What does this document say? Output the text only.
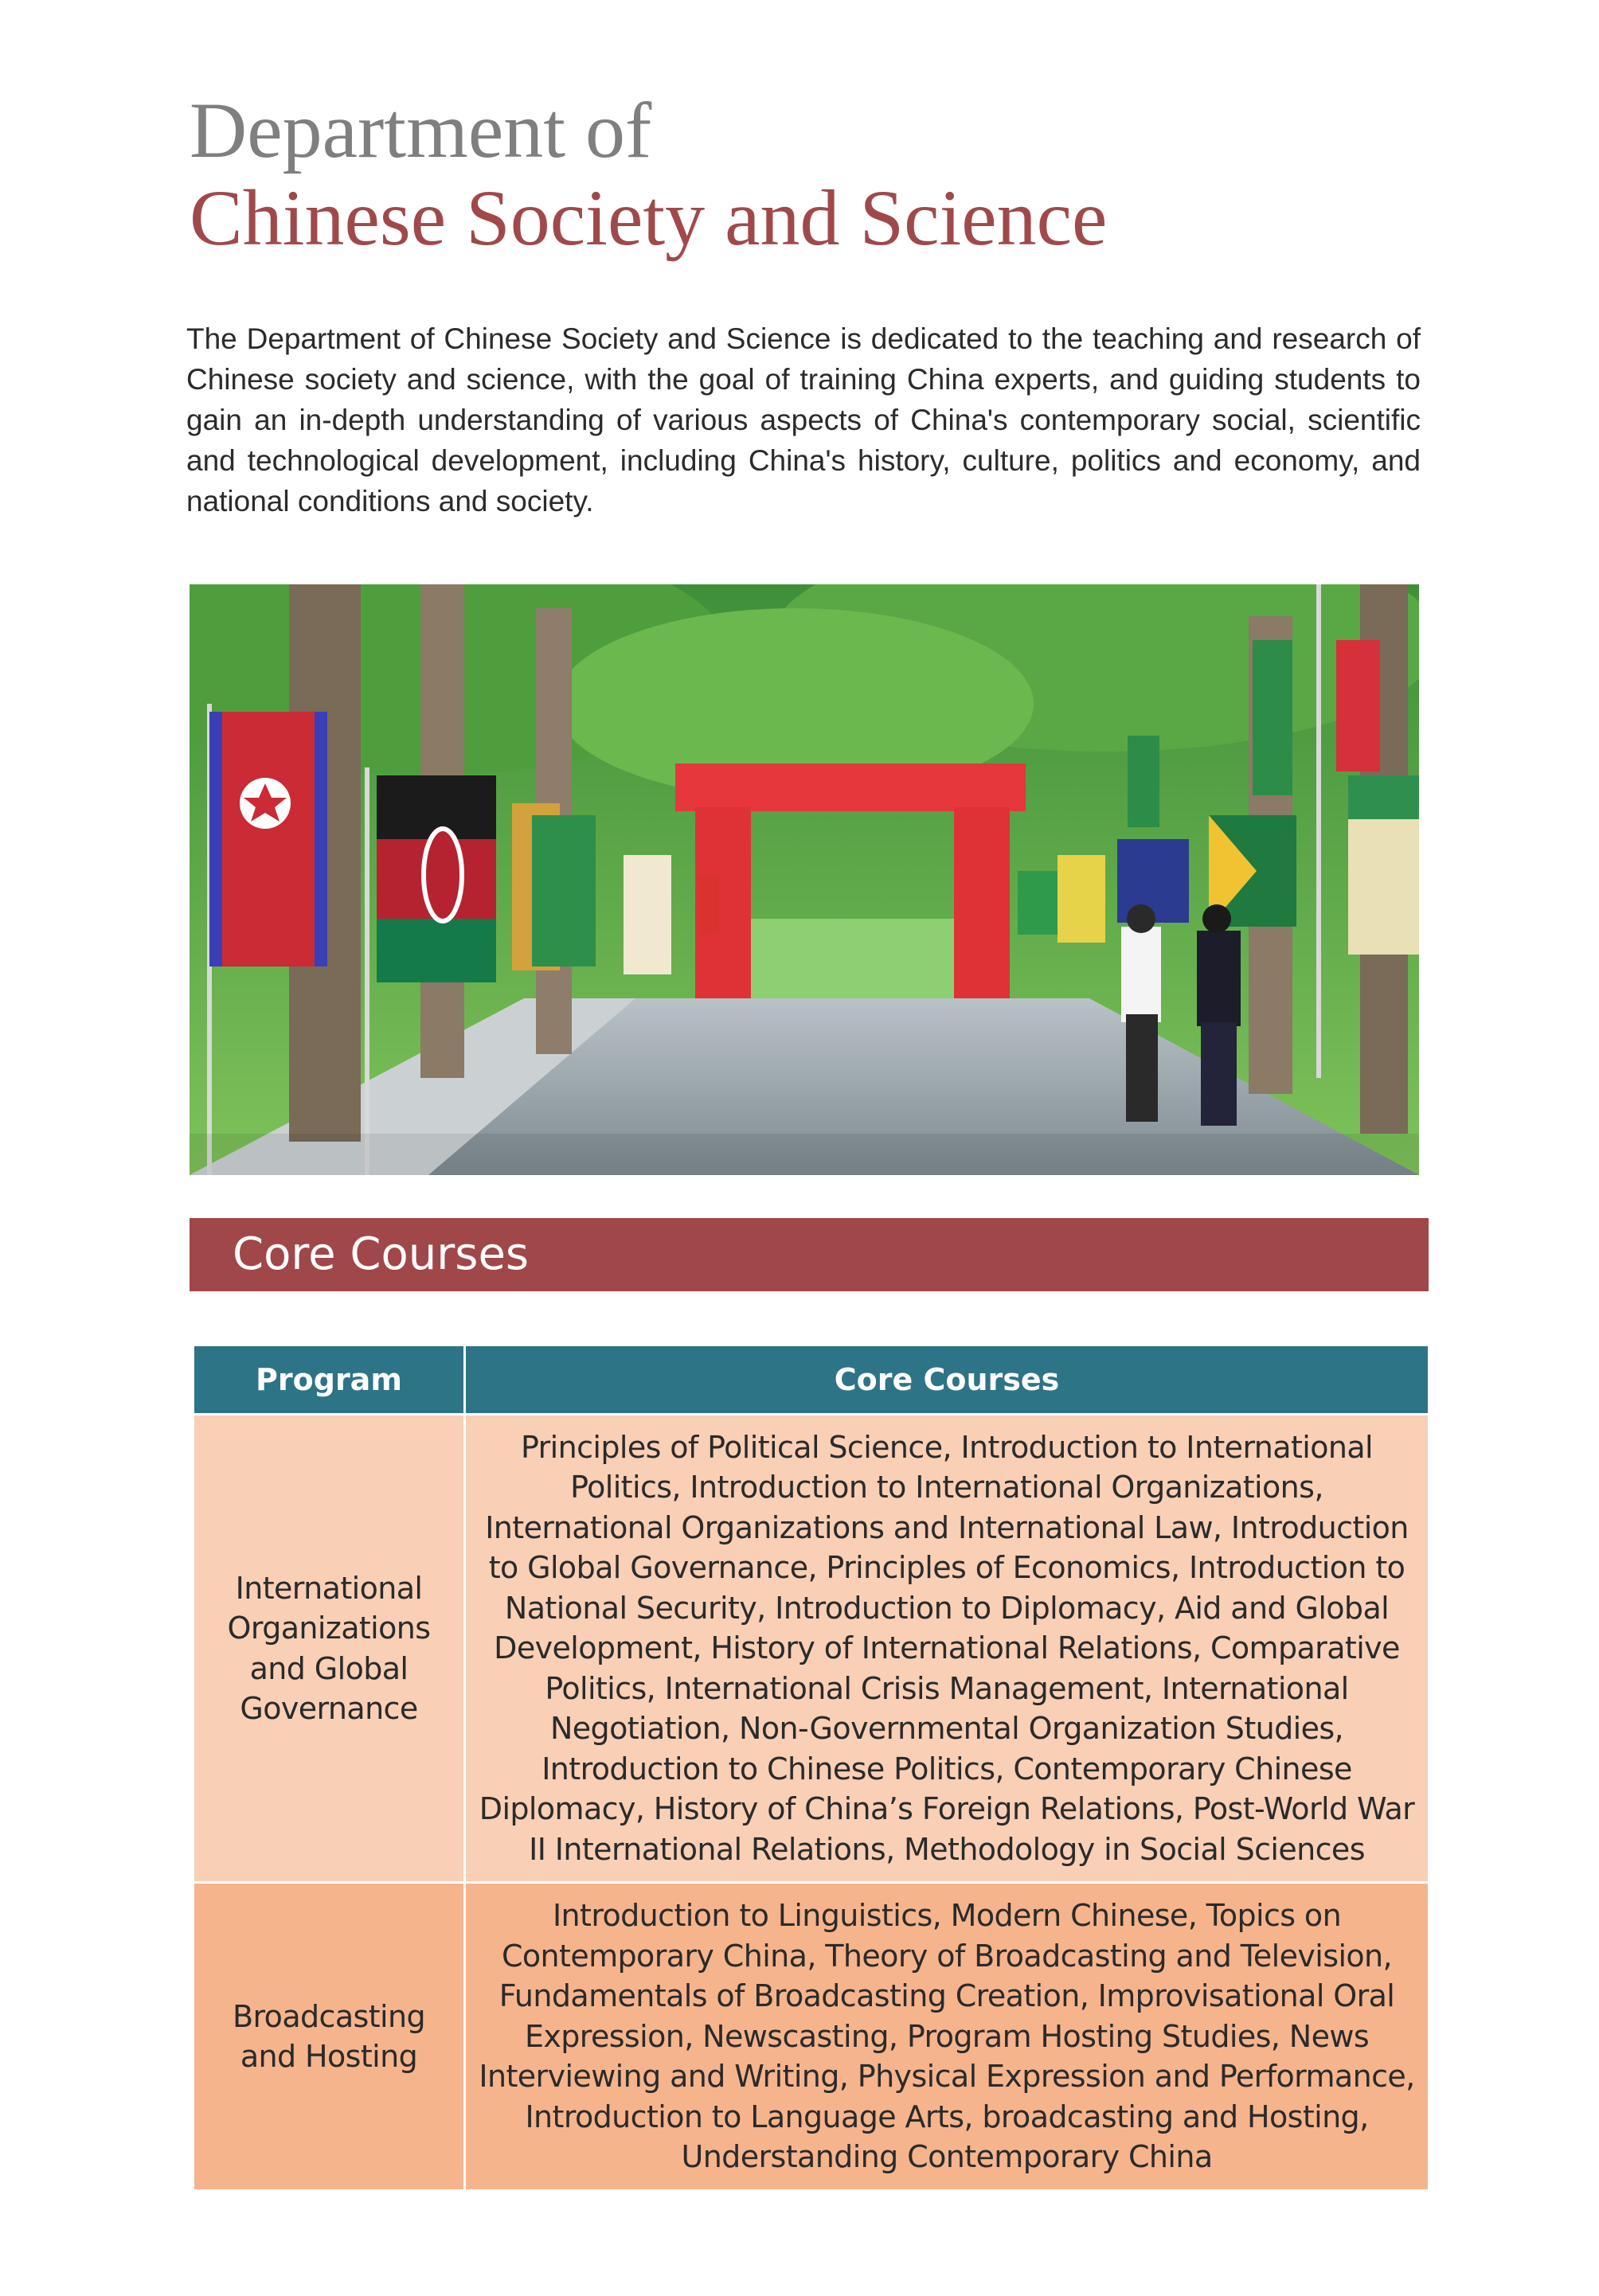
Department of
Chinese Society and Science

The Department of Chinese Society and Science is dedicated to the teaching and research of Chinese society and science, with the goal of training China experts, and guiding students to gain an in-depth understanding of various aspects of China's contemporary social, scientific and technological development, including China's history, culture, politics and economy, and national conditions and society.

Core Courses
Program	Core Courses
International Organizations and Global Governance	Principles of Political Science, Introduction to International Politics, Introduction to International Organizations, International Organizations and International Law, Introduction to Global Governance, Principles of Economics, Introduction to National Security, Introduction to Diplomacy, Aid and Global Development, History of International Relations, Comparative Politics, International Crisis Management, International Negotiation, Non-Governmental Organization Studies, Introduction to Chinese Politics, Contemporary Chinese Diplomacy, History of China’s Foreign Relations, Post-World War II International Relations, Methodology in Social Sciences
Broadcasting and Hosting	Introduction to Linguistics, Modern Chinese, Topics on Contemporary China, Theory of Broadcasting and Television, Fundamentals of Broadcasting Creation, Improvisational Oral Expression, Newscasting, Program Hosting Studies, News Interviewing and Writing, Physical Expression and Performance, Introduction to Language Arts, broadcasting and Hosting, Understanding Contemporary China
